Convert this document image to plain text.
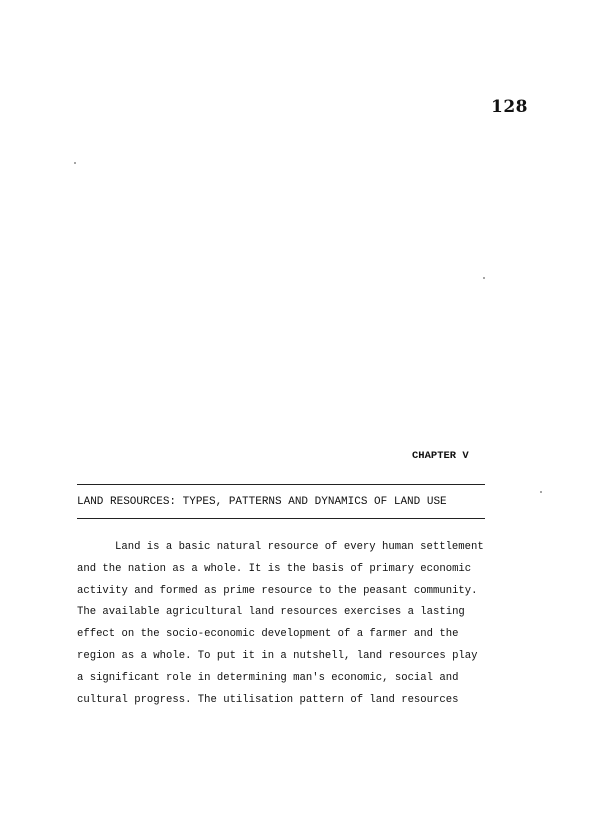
128
CHAPTER V
LAND RESOURCES: TYPES, PATTERNS AND DYNAMICS OF LAND USE

Land is a basic natural resource of every human settlement
and the nation as a whole. It is the basis of primary economic
activity and formed as prime resource to the peasant community.
The available agricultural land resources exercises a lasting
effect on the socio-economic development of a farmer and the
region as a whole. To put it in a nutshell, land resources play
a significant role in determining man's economic, social and
cultural progress. The utilisation pattern of land resources
